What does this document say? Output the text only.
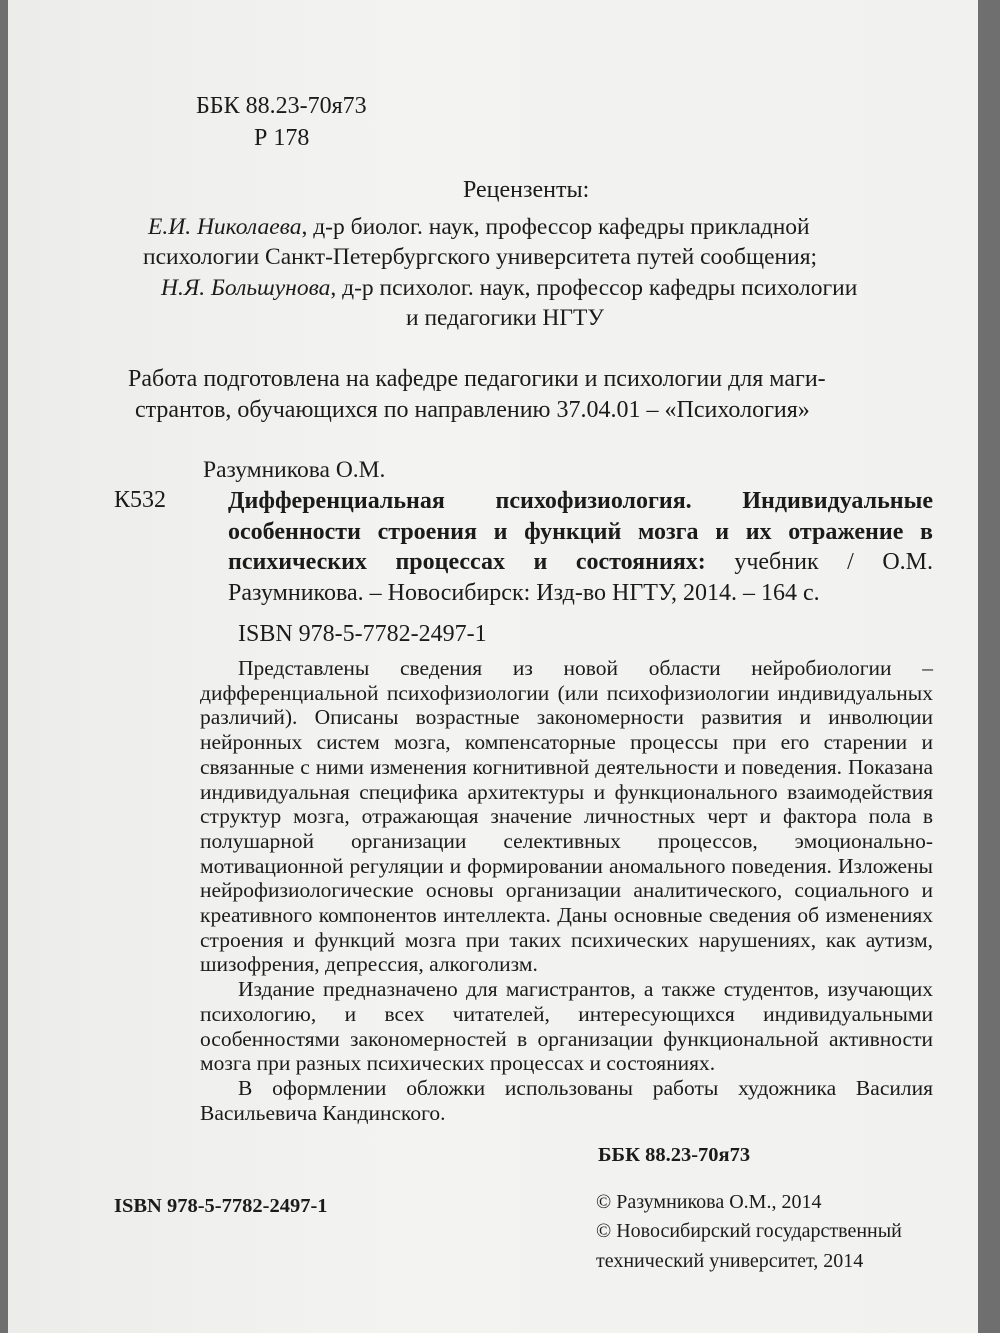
ББК 88.23-70я73
Р 178
Рецензенты:
Е.И. Николаева, д-р биолог. наук, профессор кафедры прикладной
психологии Санкт-Петербургского университета путей сообщения;
Н.Я. Большунова, д-р психолог. наук, профессор кафедры психологии
и педагогики НГТУ
Работа подготовлена на кафедре педагогики и психологии для маги-
странтов, обучающихся по направлению 37.04.01 – «Психология»
Разумникова О.М.
К532	Дифференциальная психофизиология. Индивидуальные особенности строения и функций мозга и их отражение в психических процессах и состояниях: учебник / О.М. Разумникова. – Новосибирск: Изд-во НГТУ, 2014. – 164 с.
ISBN 978-5-7782-2497-1

Представлены сведения из новой области нейробиологии – дифференциальной психофизиологии (или психофизиологии индивидуальных различий). Описаны возрастные закономерности развития и инволюции нейронных систем мозга, компенсаторные процессы при его старении и связанные с ними изменения когнитивной деятельности и поведения. Показана индивидуальная специфика архитектуры и функционального взаимодействия структур мозга, отражающая значение личностных черт и фактора пола в полушарной организации селективных процессов, эмоционально-мотивационной регуляции и формировании аномального поведения. Изложены нейрофизиологические основы организации аналитического, социального и креативного компонентов интеллекта. Даны основные сведения об изменениях строения и функций мозга при таких психических нарушениях, как аутизм, шизофрения, депрессия, алкоголизм.

Издание предназначено для магистрантов, а также студентов, изучающих психологию, и всех читателей, интересующихся индивидуальными особенностями закономерностей в организации функциональной активности мозга при разных психических процессах и состояниях.

В оформлении обложки использованы работы художника Василия Васильевича Кандинского.

ББК 88.23-70я73
ISBN 978-5-7782-2497-1	© Разумникова О.М., 2014
© Новосибирский государственный
технический университет, 2014
